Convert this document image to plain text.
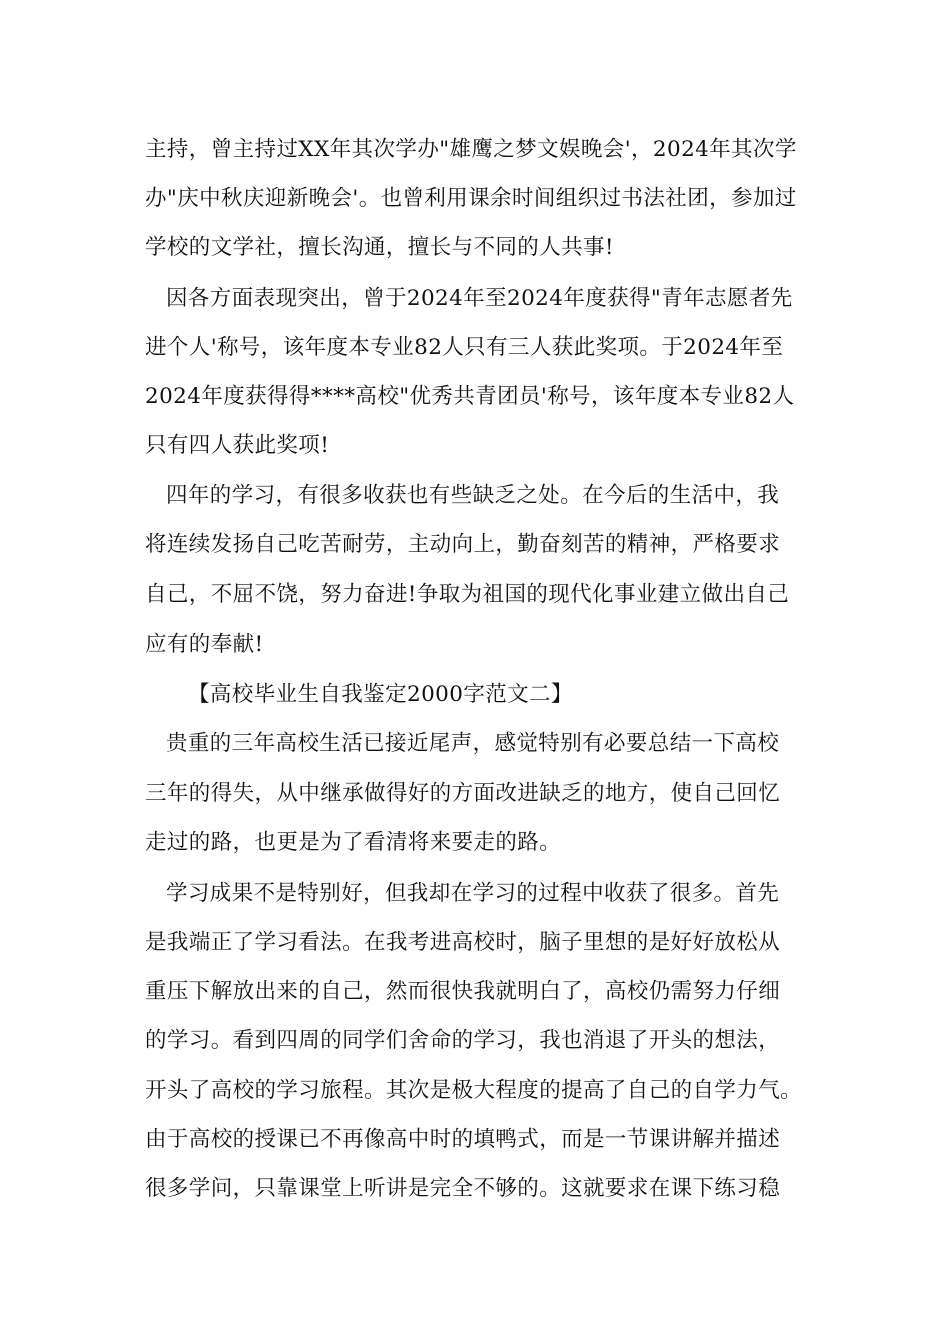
主持，曾主持过XX年其次学办"雄鹰之梦文娱晚会'，2024年其次学
办"庆中秋庆迎新晚会'。也曾利用课余时间组织过书法社团，参加过
学校的文学社，擅长沟通，擅长与不同的人共事!
因各方面表现突出，曾于2024年至2024年度获得"青年志愿者先
进个人'称号，该年度本专业82人只有三人获此奖项。于2024年至
2024年度获得得****高校"优秀共青团员'称号，该年度本专业82人
只有四人获此奖项!
四年的学习，有很多收获也有些缺乏之处。在今后的生活中，我
将连续发扬自己吃苦耐劳，主动向上，勤奋刻苦的精神，严格要求
自己，不屈不饶，努力奋进!争取为祖国的现代化事业建立做出自己
应有的奉献!
【高校毕业生自我鉴定2000字范文二】
贵重的三年高校生活已接近尾声，感觉特别有必要总结一下高校
三年的得失，从中继承做得好的方面改进缺乏的地方，使自己回忆
走过的路，也更是为了看清将来要走的路。
学习成果不是特别好，但我却在学习的过程中收获了很多。首先
是我端正了学习看法。在我考进高校时，脑子里想的是好好放松从
重压下解放出来的自己，然而很快我就明白了，高校仍需努力仔细
的学习。看到四周的同学们舍命的学习，我也消退了开头的想法，
开头了高校的学习旅程。其次是极大程度的提高了自己的自学力气。
由于高校的授课已不再像高中时的填鸭式，而是一节课讲解并描述
很多学问，只靠课堂上听讲是完全不够的。这就要求在课下练习稳
